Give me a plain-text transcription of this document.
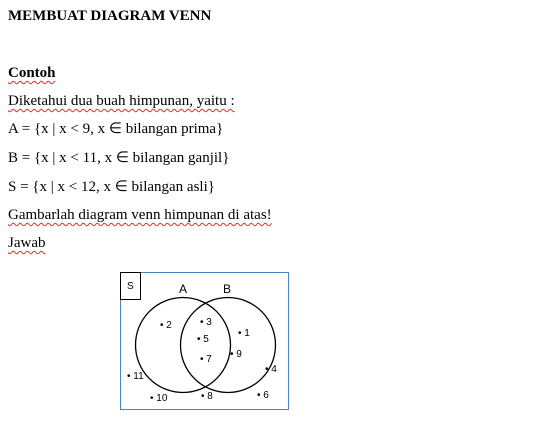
MEMBUAT DIAGRAM VENN
Contoh
Diketahui dua buah himpunan, yaitu :
A = {x | x < 9, x ∈ bilangan prima}
B = {x | x < 11, x ∈ bilangan ganjil}
S = {x | x < 12, x ∈ bilangan asli}
Gambarlah diagram venn himpunan di atas!
Jawab
S	A	B
• 2	• 3
• 5
• 7
• 1
• 9
• 4
• 11
• 10	• 8	• 6
